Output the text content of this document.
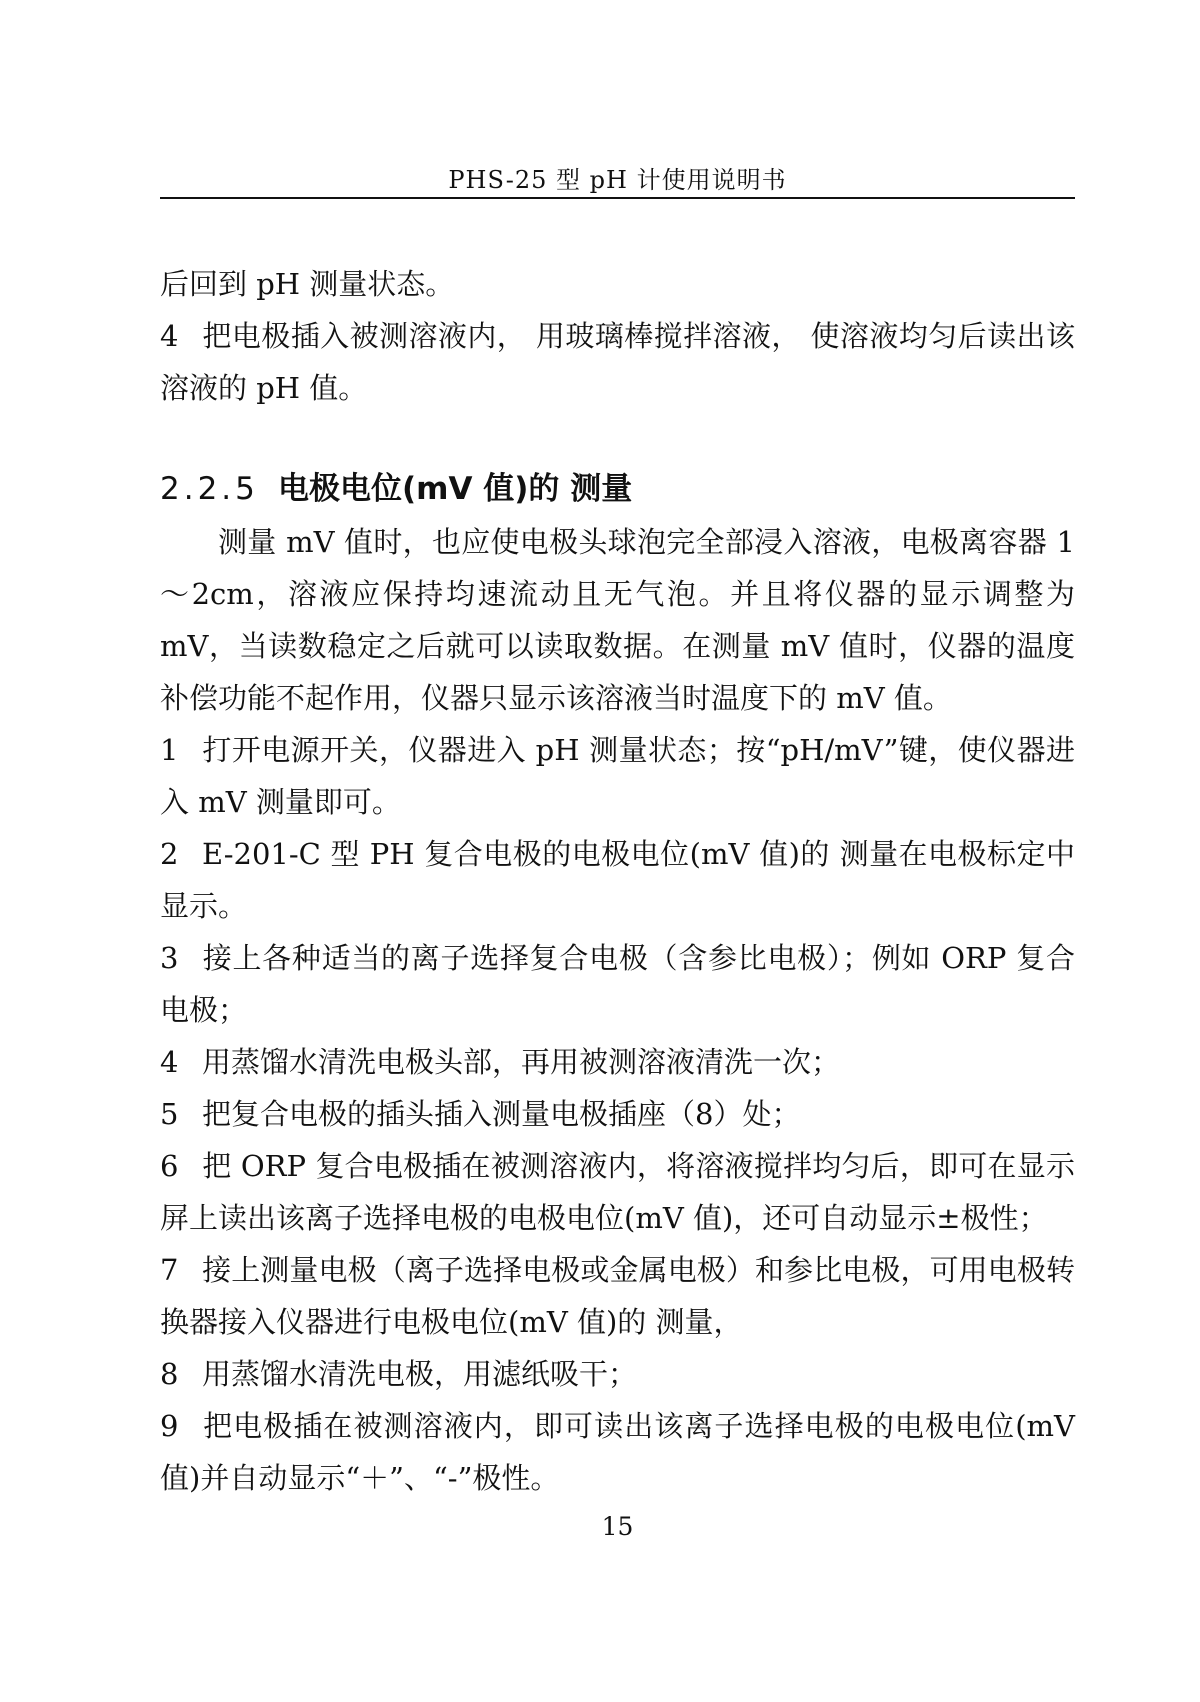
PHS-25 型 pH 计使用说明书

后回到 pH 测量状态。

4 把电极插入被测溶液内， 用玻璃棒搅拌溶液， 使溶液均匀后读出该溶液的 pH 值。

2.2.5 电极电位(mV 值)的 测量

测量 mV 值时，也应使电极头球泡完全部浸入溶液，电极离容器 1～2cm，溶液应保持均速流动且无气泡。并且将仪器的显示调整为 mV，当读数稳定之后就可以读取数据。在测量 mV 值时，仪器的温度补偿功能不起作用，仪器只显示该溶液当时温度下的 mV 值。

1 打开电源开关，仪器进入 pH 测量状态；按“pH/mV”键，使仪器进入 mV 测量即可。

2 E-201-C 型 PH 复合电极的电极电位(mV 值)的 测量在电极标定中显示。

3 接上各种适当的离子选择复合电极（含参比电极）；例如 ORP 复合电极；

4 用蒸馏水清洗电极头部，再用被测溶液清洗一次；

5 把复合电极的插头插入测量电极插座（8）处；

6 把 ORP 复合电极插在被测溶液内，将溶液搅拌均匀后，即可在显示屏上读出该离子选择电极的电极电位(mV 值)，还可自动显示±极性；

7 接上测量电极（离子选择电极或金属电极）和参比电极，可用电极转换器接入仪器进行电极电位(mV 值)的 测量，

8 用蒸馏水清洗电极，用滤纸吸干；

9 把电极插在被测溶液内，即可读出该离子选择电极的电极电位(mV 值)并自动显示“＋”、“-”极性。

15
